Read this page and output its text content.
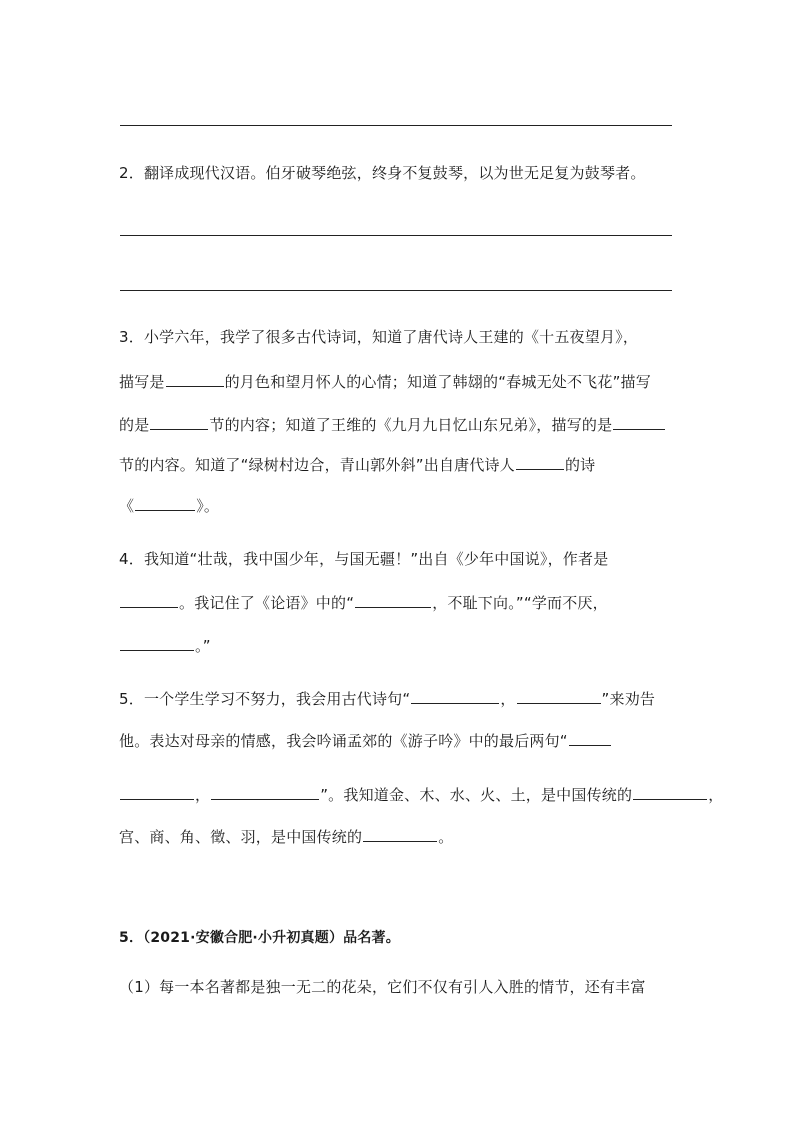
2．翻译成现代汉语。伯牙破琴绝弦，终身不复鼓琴，以为世无足复为鼓琴者。
3．小学六年，我学了很多古代诗词，知道了唐代诗人王建的《十五夜望月》，
描写是	的月色和望月怀人的心情；知道了韩翃的“春城无处不飞花”描写
的是	节的内容；知道了王维的《九月九日忆山东兄弟》，描写的是
节的内容。知道了“绿树村边合，青山郭外斜”出自唐代诗人	的诗
《	》。
4．我知道“壮哉，我中国少年，与国无疆！”出自《少年中国说》，作者是
。我记住了《论语》中的“	，不耻下向。”“学而不厌，
。”
5．一个学生学习不努力，我会用古代诗句“	，	”来劝告
他。表达对母亲的情感，我会吟诵孟郊的《游子吟》中的最后两句“
，	”。我知道金、木、水、火、土，是中国传统的	，
宫、商、角、徵、羽，是中国传统的	。
5．（2021·安徽合肥·小升初真题）品名著。
（1）每一本名著都是独一无二的花朵，它们不仅有引人入胜的情节，还有丰富
